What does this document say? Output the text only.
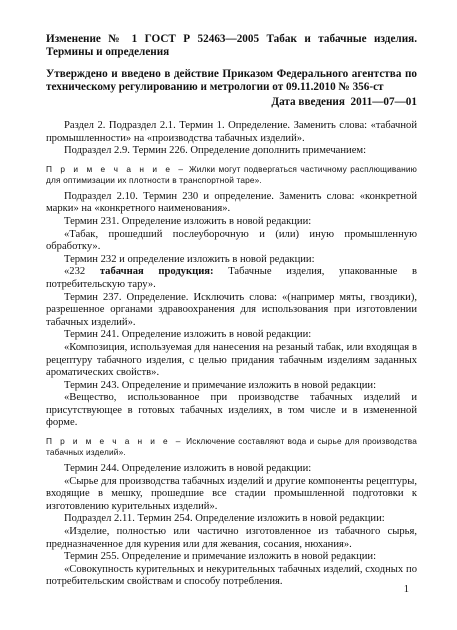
Изменение № 1 ГОСТ Р 52463—2005 Табак и табачные изделия. Термины и определения

Утверждено и введено в действие Приказом Федерального агентства по техническому регулированию и метрологии от 09.11.2010 № 356-ст

Дата введения 2011—07—01

Раздел 2. Подраздел 2.1. Термин 1. Определение. Заменить слова: «табачной промышленности» на «производства табачных изделий».

Подраздел 2.9. Термин 226. Определение дополнить примечанием:

П р и м е ч а н и е – Жилки могут подвергаться частичному расплющиванию для оптимизации их плотности в транспортной таре».

Подраздел 2.10. Термин 230 и определение. Заменить слова: «конкретной марки» на «конкретного наименования».

Термин 231. Определение изложить в новой редакции:

«Табак, прошедший послеуборочную и (или) иную промышленную обработку».

Термин 232 и определение изложить в новой редакции:

«232 табачная продукция: Табачные изделия, упакованные в потребительскую тару».

Термин 237. Определение. Исключить слова: «(например мяты, гвоздики), разрешенное органами здравоохранения для использования при изготовлении табачных изделий».

Термин 241. Определение изложить в новой редакции:

«Композиция, используемая для нанесения на резаный табак, или входящая в рецептуру табачного изделия, с целью придания табачным изделиям заданных ароматических свойств».

Термин 243. Определение и примечание изложить в новой редакции:

«Вещество, использованное при производстве табачных изделий и присутствующее в готовых табачных изделиях, в том числе и в измененной форме.

П р и м е ч а н и е – Исключение составляют вода и сырье для производства табачных изделий».

Термин 244. Определение изложить в новой редакции:

«Сырье для производства табачных изделий и другие компоненты рецептуры, входящие в мешку, прошедшие все стадии промышленной подготовки к изготовлению курительных изделий».

Подраздел 2.11. Термин 254. Определение изложить в новой редакции:

«Изделие, полностью или частично изготовленное из табачного сырья, предназначенное для курения или для жевания, сосания, нюхания».

Термин 255. Определение и примечание изложить в новой редакции:

«Совокупность курительных и некурительных табачных изделий, сходных по потребительским свойствам и способу потребления.

1
